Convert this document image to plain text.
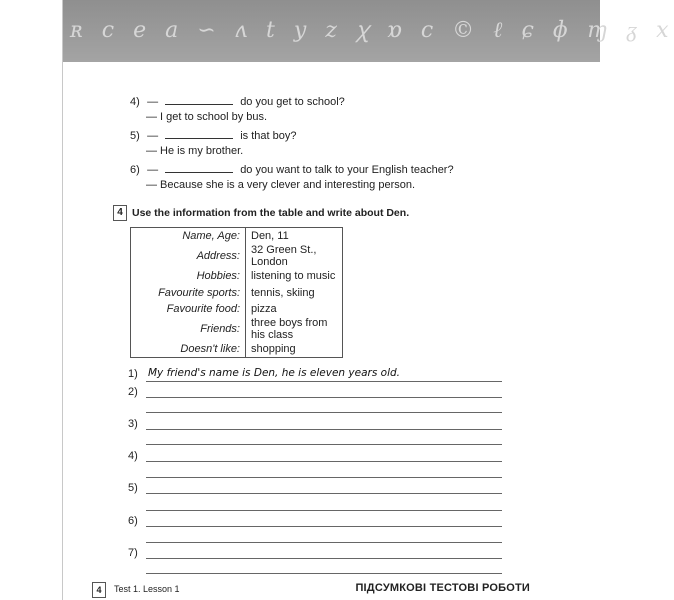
ʀ c e a ∽ ʌ t y z ꭓ ɒ c © ℓ ɕ ɸ ɱ ᵹ x
4) —	do you get to school?
— I get to school by bus.
5) —	is that boy?
— He is my brother.
6) —	do you want to talk to your English teacher?
— Because she is a very clever and interesting person.
4 Use the information from the table and write about Den.
Name, Age:	Den, 11
Address:	32 Green St., London
Hobbies:	listening to music
Favourite sports:	tennis, skiing
Favourite food:	pizza
Friends:	three boys from his class
Doesn't like:	shopping
1) My friend's name is Den, he is eleven years old.
2)
3)
4)
5)
6)
7)
4	Test 1. Lesson 1	ПІДСУМКОВІ ТЕСТОВІ РОБОТИ
